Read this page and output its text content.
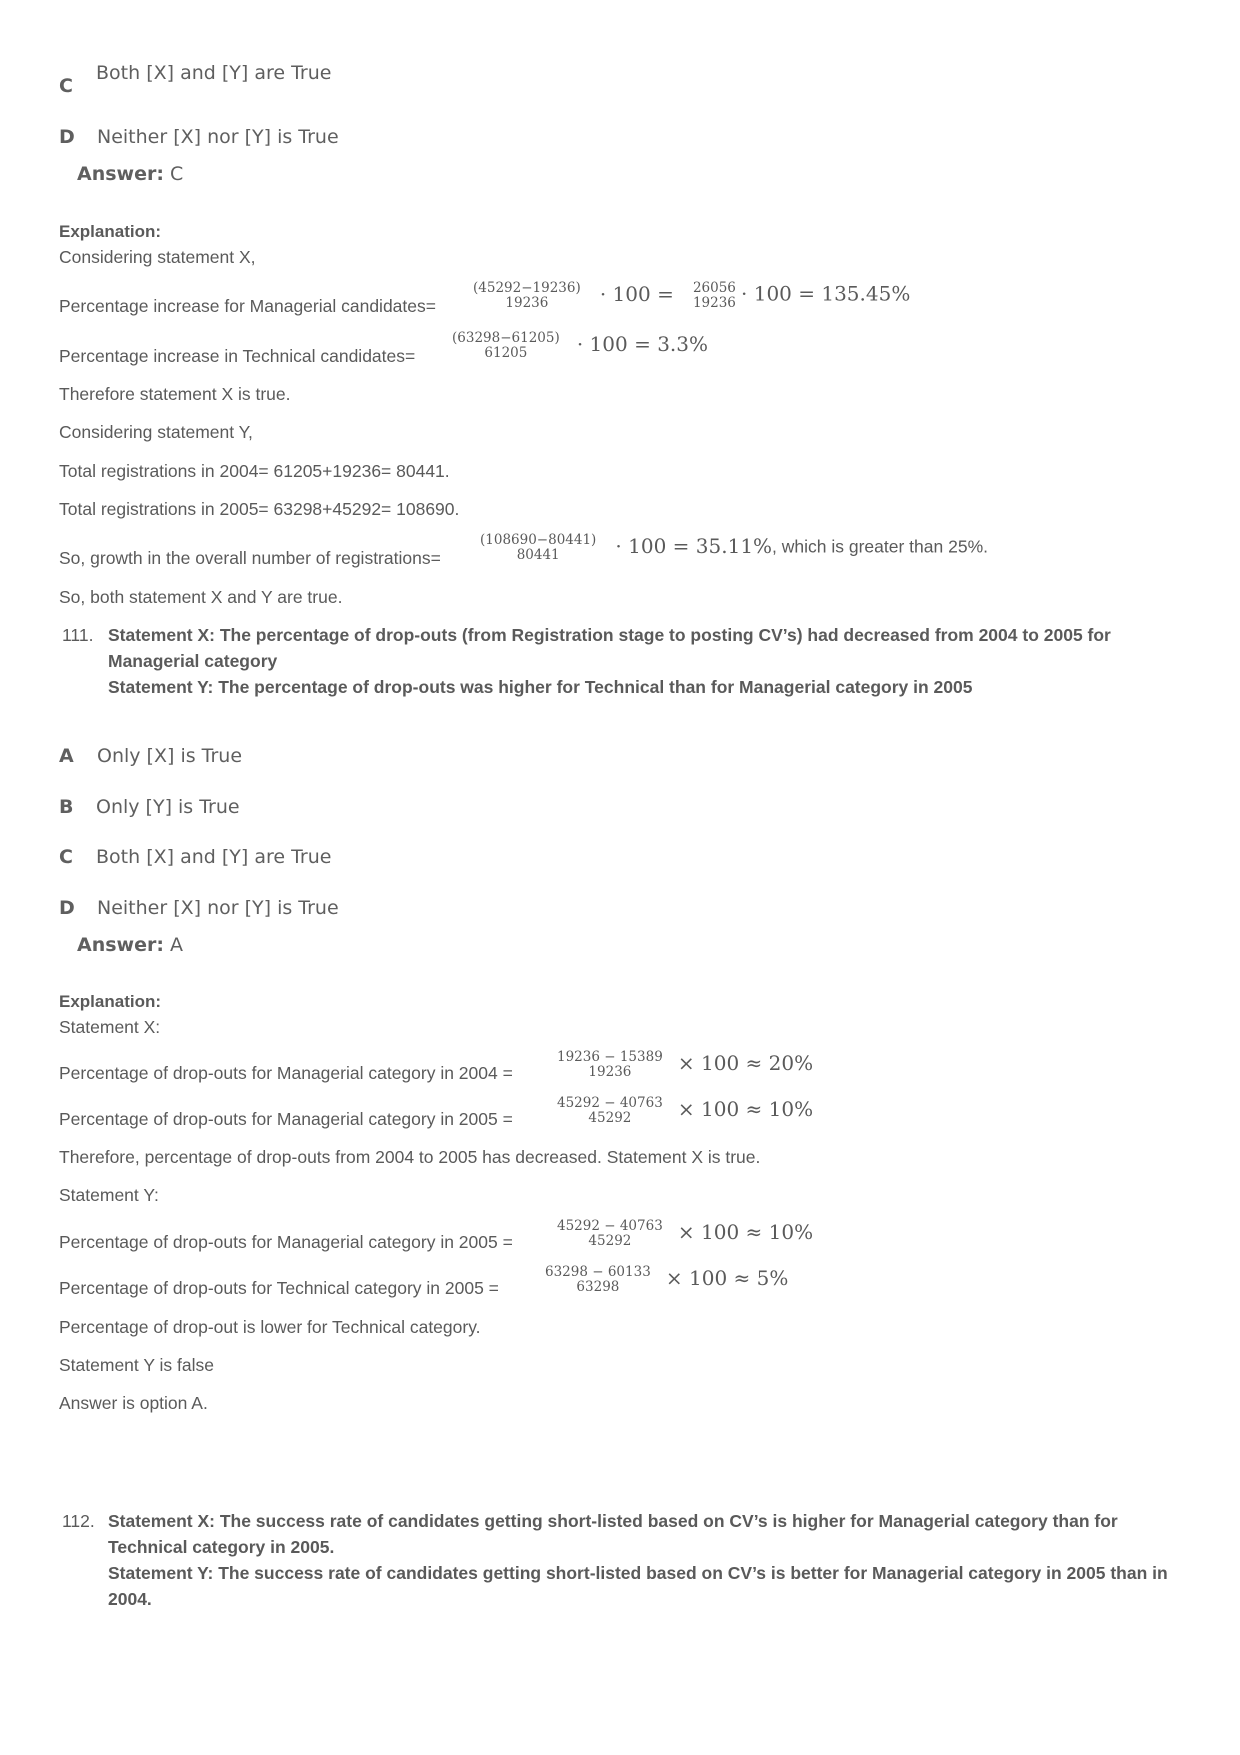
C
Both [X] and [Y] are True
D Neither [X] nor [Y] is True
Answer: C
Explanation:
Considering statement X,
Percentage increase for Managerial candidates=
(45292−19236)
19236	· 100 = 26056
19236 · 100 = 135.45%
Percentage increase in Technical candidates=
(63298−61205)
61205 · 100 = 3.3%
Therefore statement X is true.
Considering statement Y,
Total registrations in 2004= 61205+19236= 80441.
Total registrations in 2005= 63298+45292= 108690.
So, growth in the overall number of registrations=
(108690−80441)
80441	· 100 = 35.11%, which is greater than 25%.
So, both statement X and Y are true.
111. Statement X: The percentage of drop-outs (from Registration stage to posting CV’s) had decreased from 2004 to 2005 for Managerial category
Statement Y: The percentage of drop-outs was higher for Technical than for Managerial category in 2005
A Only [X] is True
B Only [Y] is True
C Both [X] and [Y] are True
D Neither [X] nor [Y] is True
Answer: A
Explanation:
Statement X:
Percentage of drop-outs for Managerial category in 2004 =
19236 − 15389
19236 × 100 ≈ 20%
Percentage of drop-outs for Managerial category in 2005 =
45292 − 40763
45292 × 100 ≈ 10%
Therefore, percentage of drop-outs from 2004 to 2005 has decreased. Statement X is true.
Statement Y:
Percentage of drop-outs for Managerial category in 2005 =
45292 − 40763
45292 × 100 ≈ 10%
Percentage of drop-outs for Technical category in 2005 =
63298 − 60133
63298 × 100 ≈ 5%
Percentage of drop-out is lower for Technical category.
Statement Y is false
Answer is option A.
112. Statement X: The success rate of candidates getting short-listed based on CV’s is higher for Managerial category than for Technical category in 2005.
Statement Y: The success rate of candidates getting short-listed based on CV’s is better for Managerial category in 2005 than in 2004.
